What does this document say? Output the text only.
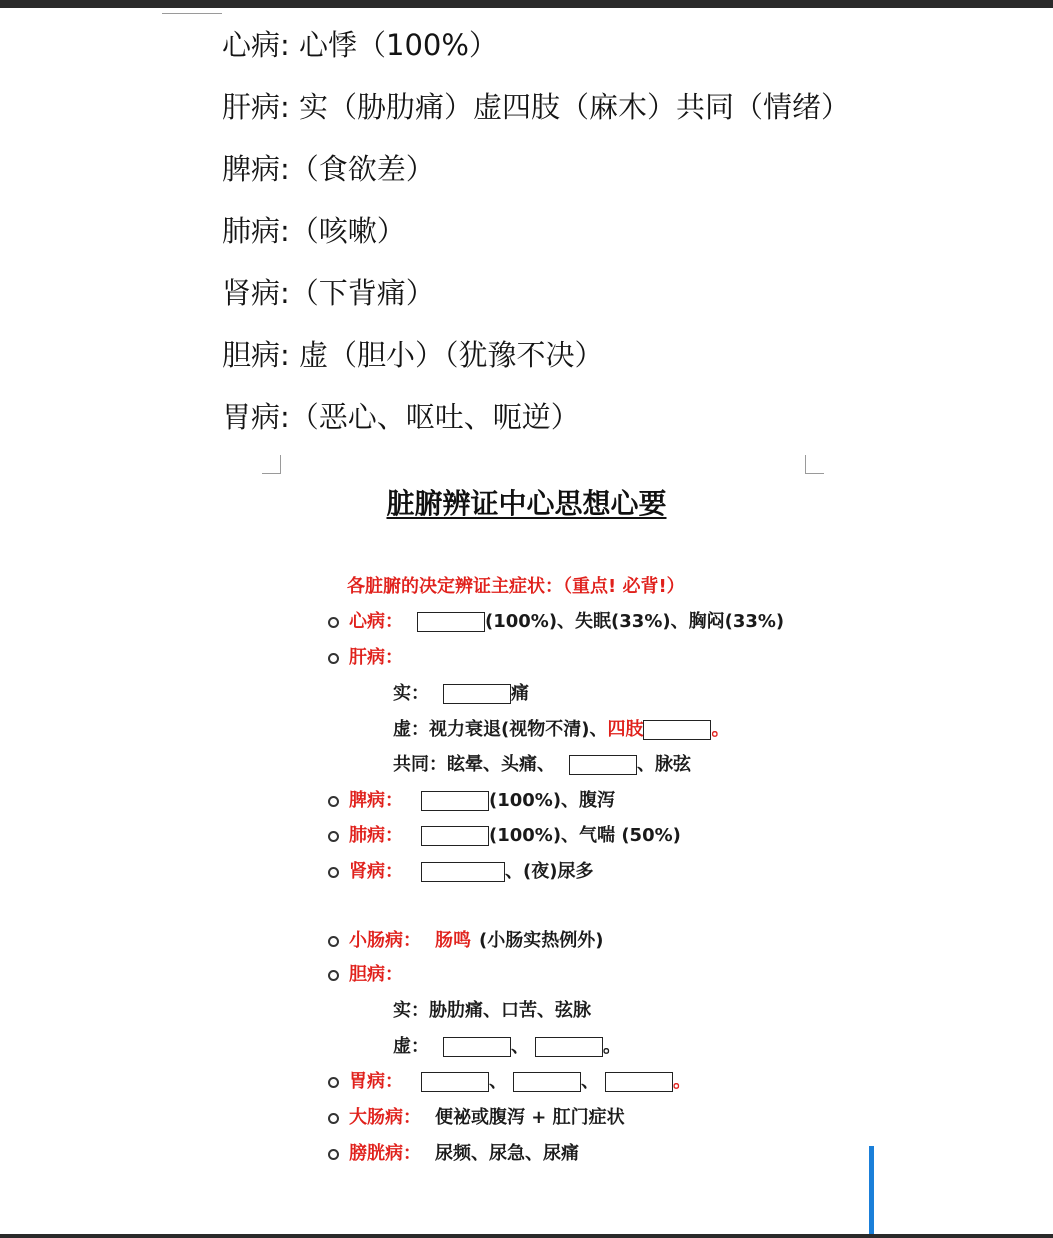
心病: 心悸（100%）
肝病: 实（胁肋痛）虚四肢（麻木）共同（情绪）
脾病:（食欲差）
肺病:（咳嗽）
肾病:（下背痛）
胆病: 虚（胆小）（犹豫不决）
胃病:（恶心、呕吐、呃逆）
脏腑辨证中心思想心要
各脏腑的决定辨证主症状：（重点! 必背!）
心病：	(100%)、失眠(33%)、胸闷(33%)
肝病：
实：	痛
虚：视力衰退(视物不清)、 四肢	。
共同：眩晕、头痛、	、脉弦
脾病：	(100%)、腹泻
肺病：	(100%)、气喘 (50%)
肾病：	、(夜)尿多
小肠病： 肠鸣 (小肠实热例外)
胆病：
实：胁肋痛、口苦、弦脉
虚：	、	。
胃病：	、	、	。
大肠病： 便袐或腹泻 + 肛门症状
膀胱病： 尿频、尿急、尿痛
